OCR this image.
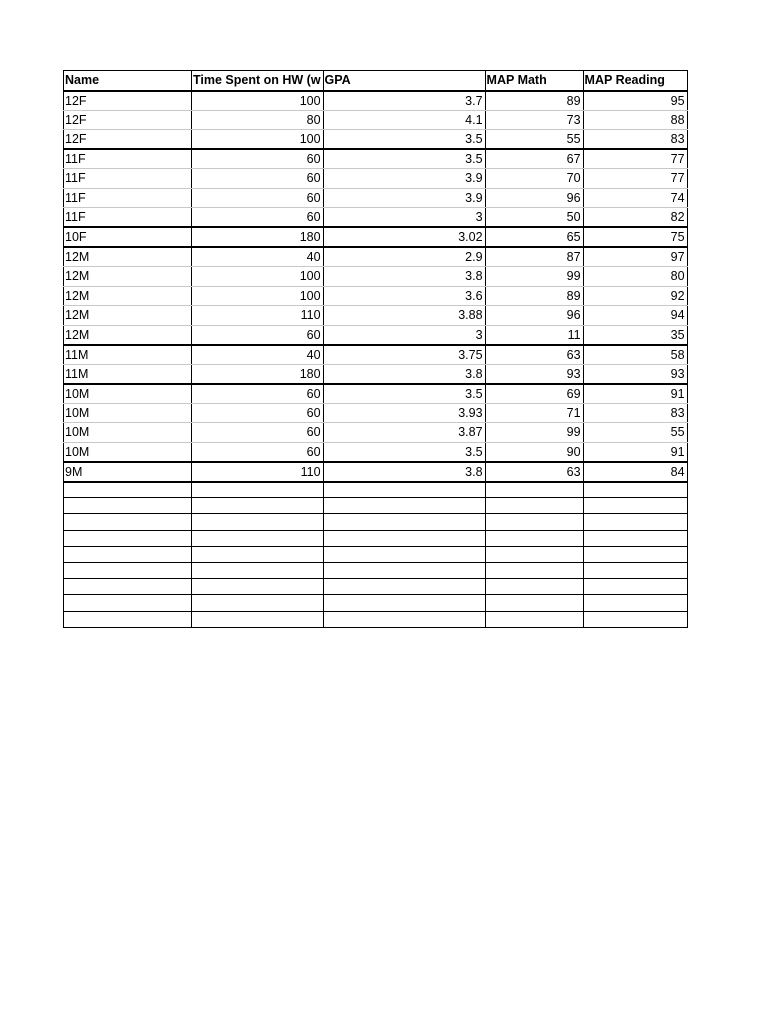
Name	Time Spent on HW (w	GPA	MAP Math	MAP Reading
12F	100	3.7	89	95
12F	80	4.1	73	88
12F	100	3.5	55	83
11F	60	3.5	67	77
11F	60	3.9	70	77
11F	60	3.9	96	74
11F	60	3	50	82
10F	180	3.02	65	75
12M	40	2.9	87	97
12M	100	3.8	99	80
12M	100	3.6	89	92
12M	110	3.88	96	94
12M	60	3	11	35
11M	40	3.75	63	58
11M	180	3.8	93	93
10M	60	3.5	69	91
10M	60	3.93	71	83
10M	60	3.87	99	55
10M	60	3.5	90	91
9M	110	3.8	63	84
